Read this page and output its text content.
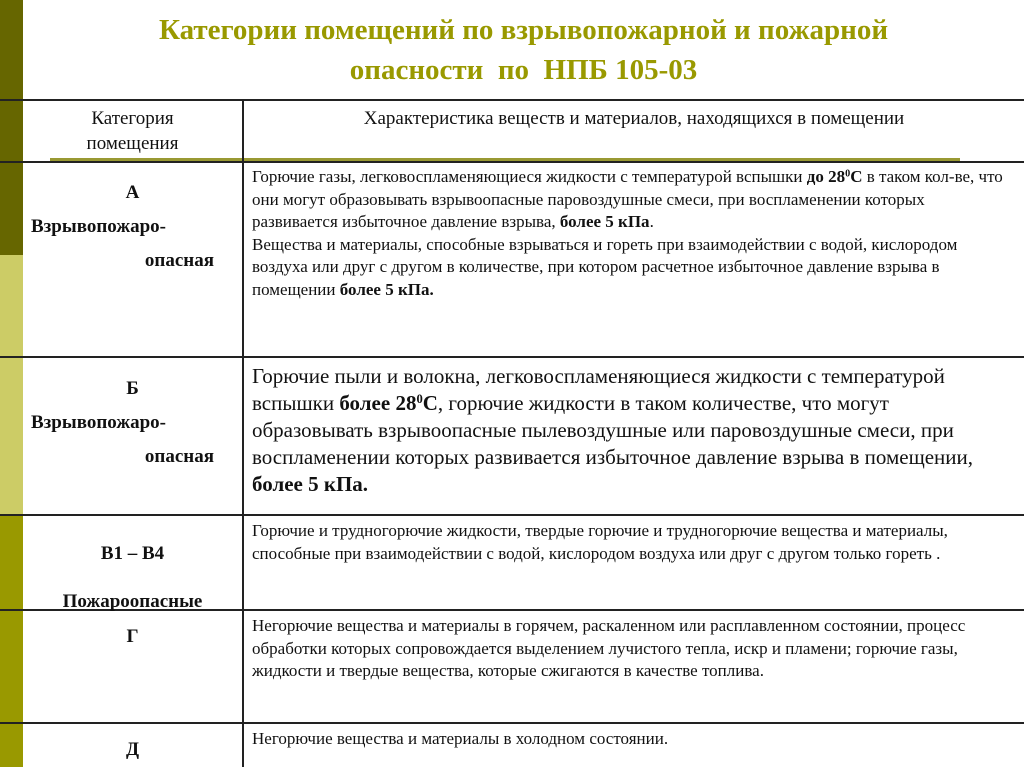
Категории помещений по взрывопожарной и пожарной
опасности  по  НПБ 105-03
Категория
помещения
Характеристика веществ и материалов, находящихся в помещении
А
Взрывопожаро-
опасная
Горючие газы, легковоспламеняющиеся жидкости с температурой вспышки до $28^0С$ в таком кол-ве, что они могут образовывать взрывоопасные паровоздушные смеси, при воспламенении которых развивается избыточное давление взрыва, более 5 кПа.
Вещества и материалы, способные взрываться и гореть при взаимодействии с водой, кислородом воздуха или друг с другом в количестве, при котором расчетное избыточное давление взрыва в помещении более 5 кПа.
Б
Взрывопожаро-
опасная
Горючие пыли и волокна, легковоспламеняющиеся жидкости с температурой вспышки более $28^0С$, горючие жидкости в таком количестве, что могут образовывать взрывоопасные пылевоздушные или паровоздушные смеси, при воспламенении которых развивается избыточное давление взрыва в помещении, более 5 кПа.
В1 – В4
Пожароопасные
Горючие и трудногорючие жидкости, твердые горючие и трудногорючие вещества и материалы, способные при взаимодействии с водой, кислородом воздуха или друг с другом только гореть .
Г
Негорючие вещества и материалы в горячем, раскаленном или расплавленном состоянии, процесс обработки которых сопровождается выделением лучистого тепла, искр и пламени; горючие газы, жидкости и твердые вещества, которые сжигаются в качестве топлива.
Д
Негорючие вещества и материалы в холодном состоянии.
